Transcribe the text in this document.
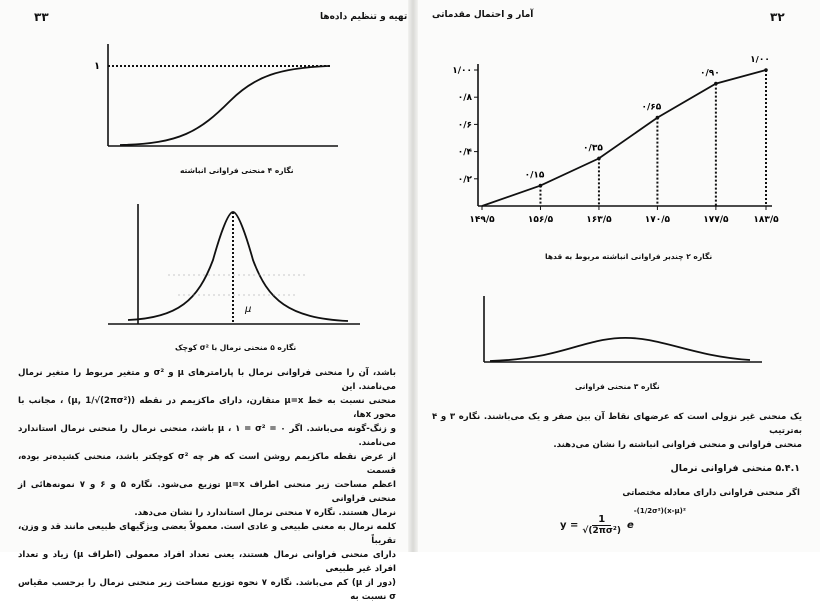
۳۳	تهیه و تنظیم داده‌ها
۱
نگاره ۴ منحنی فراوانی انباشته
μ
نگاره ۵ منحنی نرمال با σ² کوچک
باشد، آن را منحنی فراوانی نرمال با پارامترهای μ و σ² و متغیر مربوط را متغیر نرمال می‌نامند. این
منحنی نسبت به خط μ=x متقارن، دارای ماکزیمم در نقطه (μ, 1/√(2πσ²)) ، مجانب با محور xها،
و زنگ-گونه می‌باشد. اگر ۰ = μ ، ۱ = σ² باشد، منحنی نرمال را منحنی نرمال استاندارد می‌نامند.
از عرض نقطه ماکزیمم روشن است که هر چه σ² کوچکتر باشد، منحنی کشیده‌تر بوده، قسمت
اعظم مساحت زیر منحنی اطراف μ=x توزیع می‌شود. نگاره ۵ و ۶ و ۷ نمونه‌هائی از منحنی فراوانی
نرمال هستند. نگاره ۷ منحنی نرمال استاندارد را نشان می‌دهد.
کلمه نرمال به معنی طبیعی و عادی است. معمولاً بعضی ویژگیهای طبیعی مانند قد و وزن، تقریباً
دارای منحنی فراوانی نرمال هستند، یعنی تعداد افراد معمولی (اطراف μ) زیاد و تعداد افراد غیر طبیعی
(دور از μ) کم می‌باشد. نگاره ۷ نحوه توزیع مساحت زیر منحنی نرمال را برحسب مقیاس σ نسبت به
۳۲
آمار و احتمال مقدماتی
۰/۲
۰/۴
۰/۶
۰/۸
۱/۰۰
۱۴۹/۵	۱۵۶/۵	۱۶۳/۵	۱۷۰/۵	۱۷۷/۵	۱۸۳/۵
۰/۱۵
۰/۳۵
۰/۶۵
۰/۹۰
۱/۰۰
نگاره ۲ چندبر فراوانی انباشته مربوط به قدها
نگاره ۳ منحنی فراوانی
یک منحنی غیر نزولی است که عرضهای نقاط آن بین صفر و یک می‌باشند. نگاره ۳ و ۴ به‌ترتیب
منحنی فراوانی و منحنی فراوانی انباشته را نشان می‌دهند.
۵.۴.۱ منحنی فراوانی نرمال
اگر منحنی فراوانی دارای معادله مختصاتی
$y = \frac{1}{\text{√(2πσ²)}}$ e
-(1/2σ²)(x-μ)²
